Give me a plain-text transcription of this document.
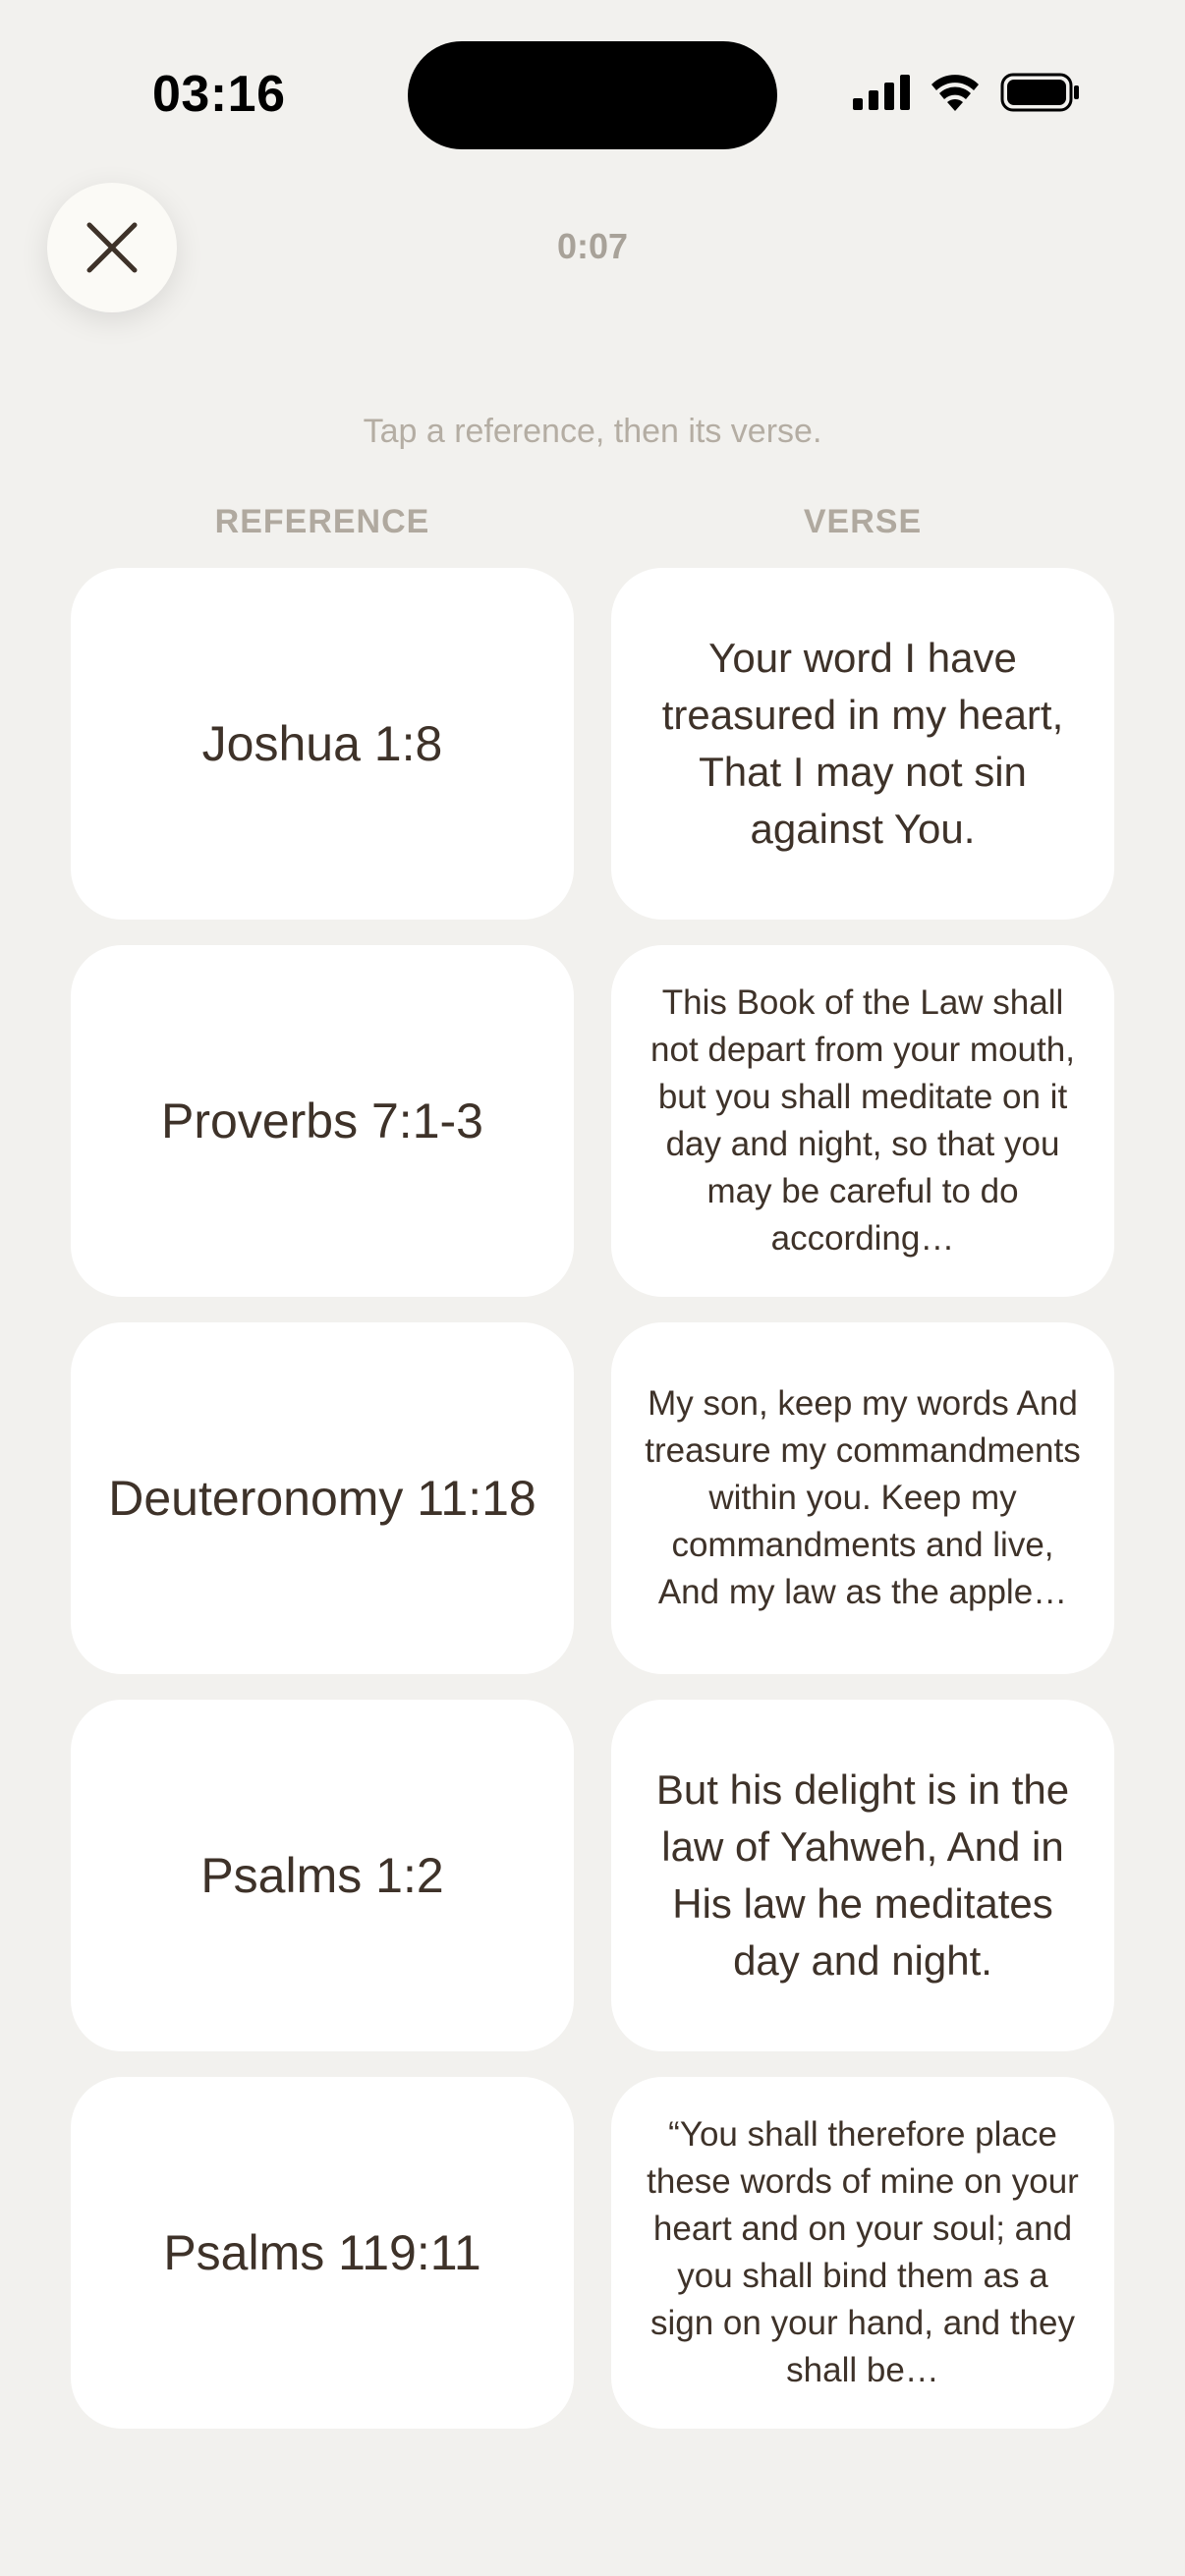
03:16
0:07
Tap a reference, then its verse.
REFERENCE	VERSE
Joshua 1:8
Proverbs 7:1-3
Deuteronomy 11:18
Psalms 1:2
Psalms 119:11
Your word I have treasured in my heart, That I may not sin against You.
This Book of the Law shall not depart from your mouth, but you shall meditate on it day and night, so that you may be careful to do according…
My son, keep my words And treasure my commandments within you. Keep my commandments and live, And my law as the apple…
But his delight is in the law of Yahweh, And in His law he meditates day and night.
“You shall therefore place these words of mine on your heart and on your soul; and you shall bind them as a sign on your hand, and they shall be…
